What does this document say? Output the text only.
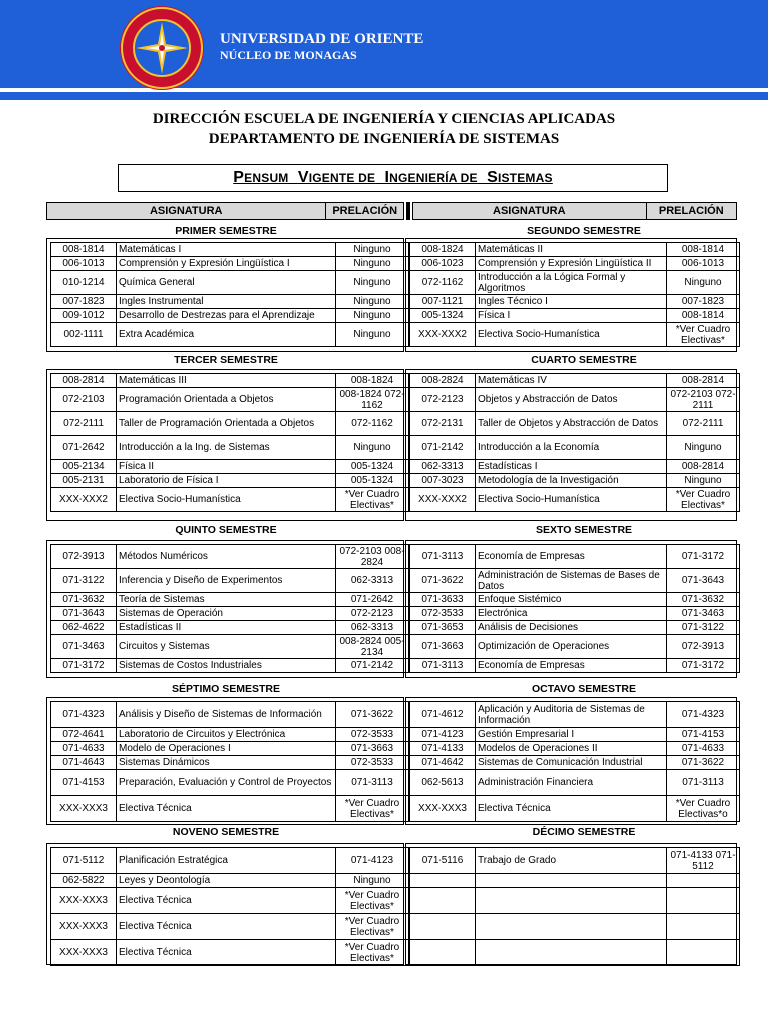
UNIVERSIDAD DE ORIENTE
NÚCLEO DE MONAGAS
DIRECCIÓN ESCUELA DE INGENIERÍA Y CIENCIAS APLICADAS
DEPARTAMENTO DE INGENIERÍA DE SISTEMAS
PENSUM VIGENTE DE INGENIERÍA DE SISTEMAS
ASIGNATURA	PRELACIÓN	ASIGNATURA	PRELACIÓN
PRIMER SEMESTRE
008-1814	Matemáticas I	Ninguno
006-1013	Comprensión y Expresión Lingüística I	Ninguno
010-1214	Química General	Ninguno
007-1823	Ingles Instrumental	Ninguno
009-1012	Desarrollo de Destrezas para el Aprendizaje	Ninguno
002-1111	Extra Académica	Ninguno
SEGUNDO SEMESTRE
008-1824	Matemáticas II	008-1814
006-1023	Comprensión y Expresión Lingüística II	006-1013
072-1162	Introducción a la Lógica Formal y Algoritmos	Ninguno
007-1121	Ingles Técnico I	007-1823
005-1324	Física I	008-1814
XXX-XXX2	Electiva Socio-Humanística	*Ver Cuadro Electivas*
TERCER SEMESTRE
008-2814	Matemáticas III	008-1824
072-2103	Programación Orientada a Objetos	008-1824 072-1162
072-2111	Taller de Programación Orientada a Objetos	072-1162
071-2642	Introducción a la Ing. de Sistemas	Ninguno
005-2134	Física II	005-1324
005-2131	Laboratorio de Física I	005-1324
XXX-XXX2	Electiva Socio-Humanística	*Ver Cuadro Electivas*
CUARTO SEMESTRE
008-2824	Matemáticas IV	008-2814
072-2123	Objetos y Abstracción de Datos	072-2103 072-2111
072-2131	Taller de Objetos y Abstracción de Datos	072-2111
071-2142	Introducción a la Economía	Ninguno
062-3313	Estadísticas I	008-2814
007-3023	Metodología de la Investigación	Ninguno
XXX-XXX2	Electiva Socio-Humanística	*Ver Cuadro Electivas*
QUINTO SEMESTRE
072-3913	Métodos Numéricos	072-2103 008-2824
071-3122	Inferencia y Diseño de Experimentos	062-3313
071-3632	Teoría de Sistemas	071-2642
071-3643	Sistemas de Operación	072-2123
062-4622	Estadísticas II	062-3313
071-3463	Circuitos y Sistemas	008-2824 005-2134
071-3172	Sistemas de Costos Industriales	071-2142
SEXTO SEMESTRE
071-3113	Economía de Empresas	071-3172
071-3622	Administración de Sistemas de Bases de Datos	071-3643
071-3633	Enfoque Sistémico	071-3632
072-3533	Electrónica	071-3463
071-3653	Análisis de Decisiones	071-3122
071-3663	Optimización de Operaciones	072-3913
071-3113	Economía de Empresas	071-3172
SÉPTIMO SEMESTRE
071-4323	Análisis y Diseño de Sistemas de Información	071-3622
072-4641	Laboratorio de Circuitos y Electrónica	072-3533
071-4633	Modelo de Operaciones I	071-3663
071-4643	Sistemas Dinámicos	072-3533
071-4153	Preparación, Evaluación y Control de Proyectos	071-3113
XXX-XXX3	Electiva Técnica	*Ver Cuadro Electivas*
OCTAVO SEMESTRE
071-4612	Aplicación y Auditoria de Sistemas de Información	071-4323
071-4123	Gestión Empresarial I	071-4153
071-4133	Modelos de Operaciones II	071-4633
071-4642	Sistemas de Comunicación Industrial	071-3622
062-5613	Administración Financiera	071-3113
XXX-XXX3	Electiva Técnica	*Ver Cuadro Electivas*o
NOVENO SEMESTRE
071-5112	Planificación Estratégica	071-4123
062-5822	Leyes y Deontología	Ninguno
XXX-XXX3	Electiva Técnica	*Ver Cuadro Electivas*
XXX-XXX3	Electiva Técnica	*Ver Cuadro Electivas*
XXX-XXX3	Electiva Técnica	*Ver Cuadro Electivas*
DÉCIMO SEMESTRE
071-5116	Trabajo de Grado	071-4133 071-5112
